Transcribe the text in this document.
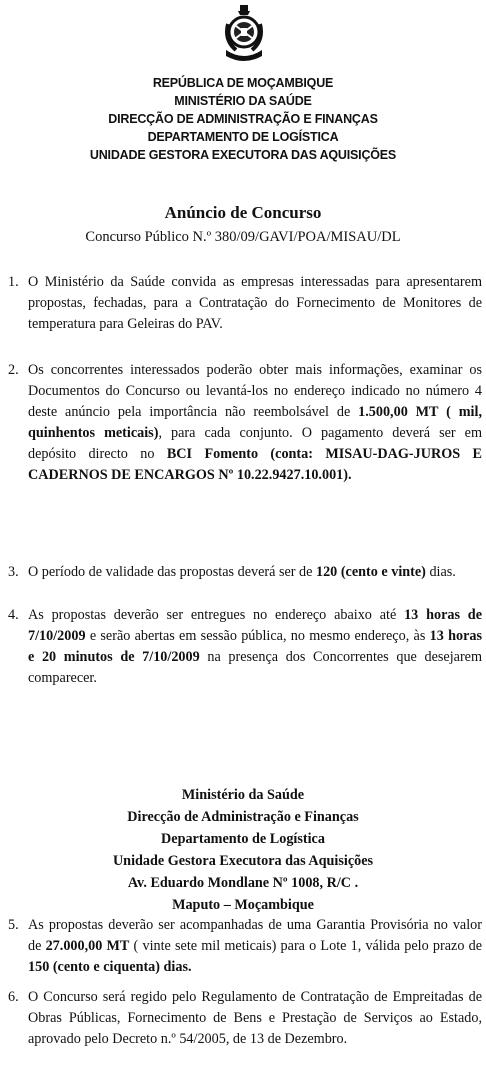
REPÚBLICA DE MOÇAMBIQUE
MINISTÉRIO DA SAÚDE
DIRECÇÃO DE ADMINISTRAÇÃO E FINANÇAS
DEPARTAMENTO DE LOGÍSTICA
UNIDADE GESTORA EXECUTORA DAS AQUISIÇÕES
Anúncio de Concurso
Concurso Público N.º 380/09/GAVI/POA/MISAU/DL
1. O Ministério da Saúde convida as empresas interessadas para apresentarem propostas, fechadas, para a Contratação do Fornecimento de Monitores de temperatura para Geleiras do PAV.
2. Os concorrentes interessados poderão obter mais informações, examinar os Documentos do Concurso ou levantá-los no endereço indicado no número 4 deste anúncio pela importância não reembolsável de 1.500,00 MT ( mil, quinhentos meticais), para cada conjunto. O pagamento deverá ser em depósito directo no BCI Fomento (conta: MISAU-DAG-JUROS E CADERNOS DE ENCARGOS Nº 10.22.9427.10.001).
3. O período de validade das propostas deverá ser de 120 (cento e vinte) dias.
4. As propostas deverão ser entregues no endereço abaixo até 13 horas de 7/10/2009 e serão abertas em sessão pública, no mesmo endereço, às 13 horas e 20 minutos de 7/10/2009 na presença dos Concorrentes que desejarem comparecer.
Ministério da Saúde
Direcção de Administração e Finanças
Departamento de Logística
Unidade Gestora Executora das Aquisições
Av. Eduardo Mondlane Nº 1008, R/C .
Maputo – Moçambique
5. As propostas deverão ser acompanhadas de uma Garantia Provisória no valor de 27.000,00 MT ( vinte sete mil meticais) para o Lote 1, válida pelo prazo de 150 (cento e ciquenta) dias.
6. O Concurso será regido pelo Regulamento de Contratação de Empreitadas de Obras Públicas, Fornecimento de Bens e Prestação de Serviços ao Estado, aprovado pelo Decreto n.º 54/2005, de 13 de Dezembro.
